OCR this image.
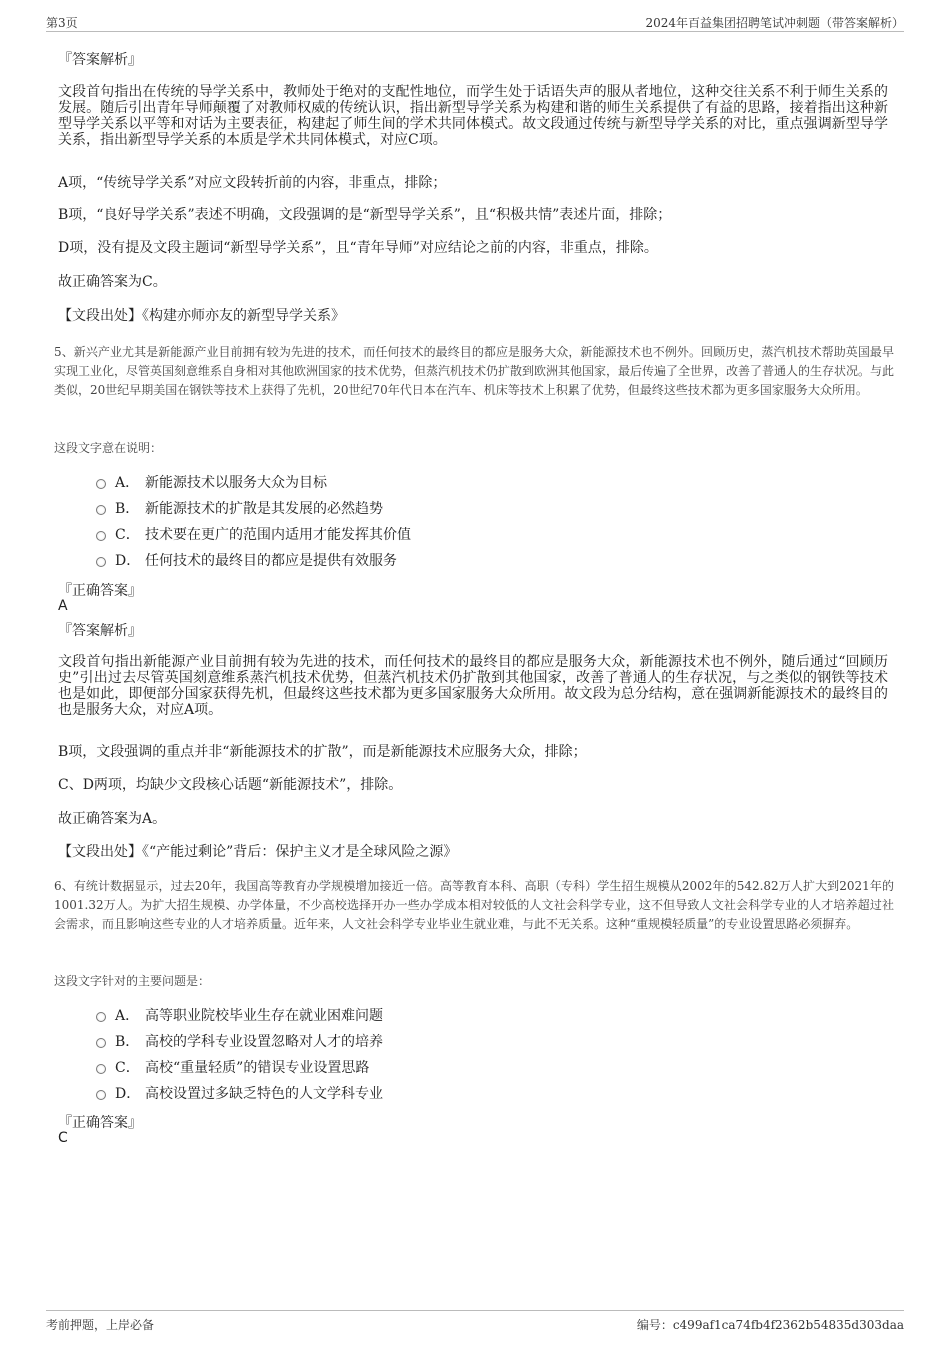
第3页	2024年百益集团招聘笔试冲刺题（带答案解析）
『答案解析』
文段首句指出在传统的导学关系中，教师处于绝对的支配性地位，而学生处于话语失声的服从者地位，这种交往关系不利于师生关系的发展。随后引出青年导师颠覆了对教师权威的传统认识，指出新型导学关系为构建和谐的师生关系提供了有益的思路，接着指出这种新型导学关系以平等和对话为主要表征，构建起了师生间的学术共同体模式。故文段通过传统与新型导学关系的对比，重点强调新型导学关系，指出新型导学关系的本质是学术共同体模式，对应C项。
A项，“传统导学关系”对应文段转折前的内容，非重点，排除；
B项，“良好导学关系”表述不明确，文段强调的是“新型导学关系”，且“积极共情”表述片面，排除；
D项，没有提及文段主题词“新型导学关系”，且“青年导师”对应结论之前的内容，非重点，排除。
故正确答案为C。
【文段出处】《构建亦师亦友的新型导学关系》
5、新兴产业尤其是新能源产业目前拥有较为先进的技术，而任何技术的最终目的都应是服务大众，新能源技术也不例外。回顾历史，蒸汽机技术帮助英国最早实现工业化，尽管英国刻意维系自身相对其他欧洲国家的技术优势，但蒸汽机技术仍扩散到欧洲其他国家，最后传遍了全世界，改善了普通人的生存状况。与此类似，20世纪早期美国在钢铁等技术上获得了先机，20世纪70年代日本在汽车、机床等技术上积累了优势，但最终这些技术都为更多国家服务大众所用。
这段文字意在说明：
A． 新能源技术以服务大众为目标
B． 新能源技术的扩散是其发展的必然趋势
C． 技术要在更广的范围内适用才能发挥其价值
D． 任何技术的最终目的都应是提供有效服务
『正确答案』
A
『答案解析』
文段首句指出新能源产业目前拥有较为先进的技术，而任何技术的最终目的都应是服务大众，新能源技术也不例外，随后通过“回顾历史”引出过去尽管英国刻意维系蒸汽机技术优势，但蒸汽机技术仍扩散到其他国家，改善了普通人的生存状况，与之类似的钢铁等技术也是如此，即便部分国家获得先机，但最终这些技术都为更多国家服务大众所用。故文段为总分结构，意在强调新能源技术的最终目的也是服务大众，对应A项。
B项，文段强调的重点并非“新能源技术的扩散”，而是新能源技术应服务大众，排除；
C、D两项，均缺少文段核心话题“新能源技术”，排除。
故正确答案为A。
【文段出处】《“产能过剩论”背后：保护主义才是全球风险之源》
6、有统计数据显示，过去20年，我国高等教育办学规模增加接近一倍。高等教育本科、高职（专科）学生招生规模从2002年的542.82万人扩大到2021年的1001.32万人。为扩大招生规模、办学体量，不少高校选择开办一些办学成本相对较低的人文社会科学专业，这不但导致人文社会科学专业的人才培养超过社会需求，而且影响这些专业的人才培养质量。近年来，人文社会科学专业毕业生就业难，与此不无关系。这种“重规模轻质量”的专业设置思路必须摒弃。
这段文字针对的主要问题是：
A． 高等职业院校毕业生存在就业困难问题
B． 高校的学科专业设置忽略对人才的培养
C． 高校“重量轻质”的错误专业设置思路
D． 高校设置过多缺乏特色的人文学科专业
『正确答案』
C
考前押题，上岸必备	编号：c499af1ca74fb4f2362b54835d303daa
